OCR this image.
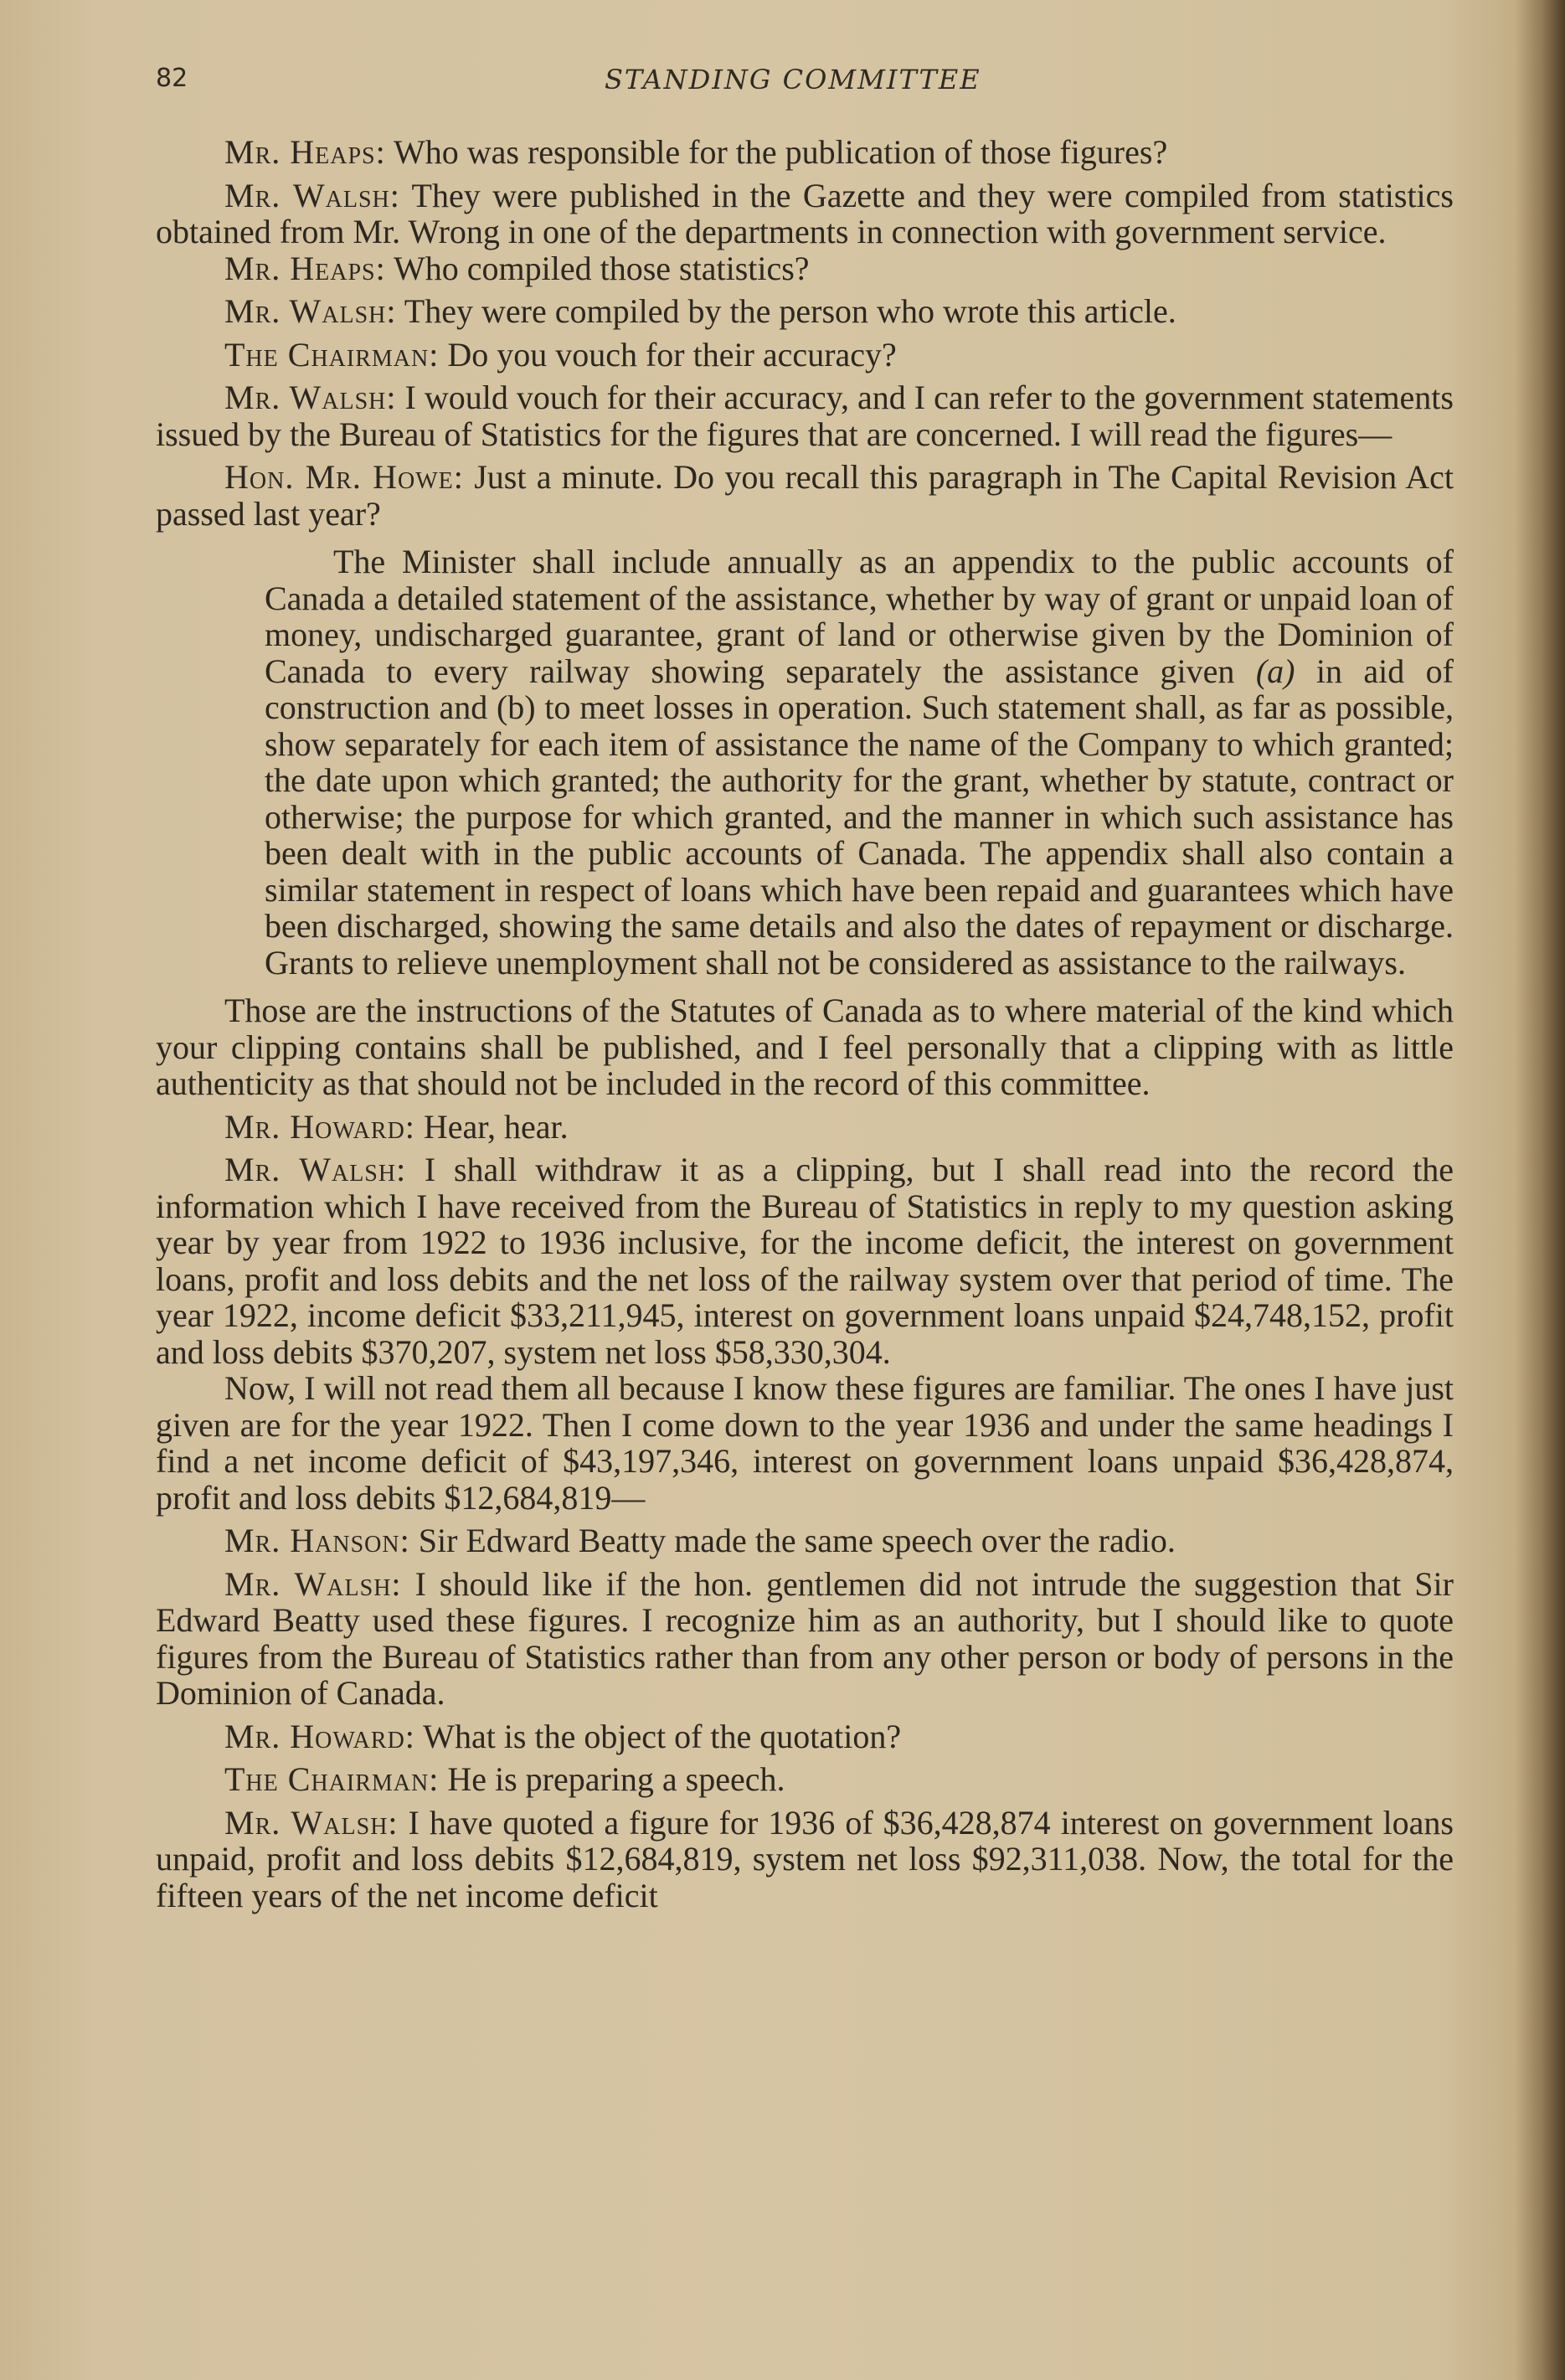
82	STANDING COMMITTEE

Mr. Heaps: Who was responsible for the publication of those figures?

Mr. Walsh: They were published in the Gazette and they were compiled from statistics obtained from Mr. Wrong in one of the departments in connection with government service.

Mr. Heaps: Who compiled those statistics?

Mr. Walsh: They were compiled by the person who wrote this article.

The Chairman: Do you vouch for their accuracy?

Mr. Walsh: I would vouch for their accuracy, and I can refer to the government statements issued by the Bureau of Statistics for the figures that are concerned. I will read the figures—

Hon. Mr. Howe: Just a minute. Do you recall this paragraph in The Capital Revision Act passed last year?

The Minister shall include annually as an appendix to the public accounts of Canada a detailed statement of the assistance, whether by way of grant or unpaid loan of money, undischarged guarantee, grant of land or otherwise given by the Dominion of Canada to every railway showing separately the assistance given (a) in aid of construction and (b) to meet losses in operation. Such statement shall, as far as possible, show separately for each item of assistance the name of the Company to which granted; the date upon which granted; the authority for the grant, whether by statute, contract or otherwise; the purpose for which granted, and the manner in which such assistance has been dealt with in the public accounts of Canada. The appendix shall also contain a similar statement in respect of loans which have been repaid and guarantees which have been discharged, showing the same details and also the dates of repayment or discharge. Grants to relieve unemployment shall not be considered as assistance to the railways.

Those are the instructions of the Statutes of Canada as to where material of the kind which your clipping contains shall be published, and I feel personally that a clipping with as little authenticity as that should not be included in the record of this committee.

Mr. Howard: Hear, hear.

Mr. Walsh: I shall withdraw it as a clipping, but I shall read into the record the information which I have received from the Bureau of Statistics in reply to my question asking year by year from 1922 to 1936 inclusive, for the income deficit, the interest on government loans, profit and loss debits and the net loss of the railway system over that period of time. The year 1922, income deficit $33,211,945, interest on government loans unpaid $24,748,152, profit and loss debits $370,207, system net loss $58,330,304.

Now, I will not read them all because I know these figures are familiar. The ones I have just given are for the year 1922. Then I come down to the year 1936 and under the same headings I find a net income deficit of $43,197,346, interest on government loans unpaid $36,428,874, profit and loss debits $12,684,819—

Mr. Hanson: Sir Edward Beatty made the same speech over the radio.

Mr. Walsh: I should like if the hon. gentlemen did not intrude the suggestion that Sir Edward Beatty used these figures. I recognize him as an authority, but I should like to quote figures from the Bureau of Statistics rather than from any other person or body of persons in the Dominion of Canada.

Mr. Howard: What is the object of the quotation?

The Chairman: He is preparing a speech.

Mr. Walsh: I have quoted a figure for 1936 of $36,428,874 interest on government loans unpaid, profit and loss debits $12,684,819, system net loss $92,311,038. Now, the total for the fifteen years of the net income deficit
